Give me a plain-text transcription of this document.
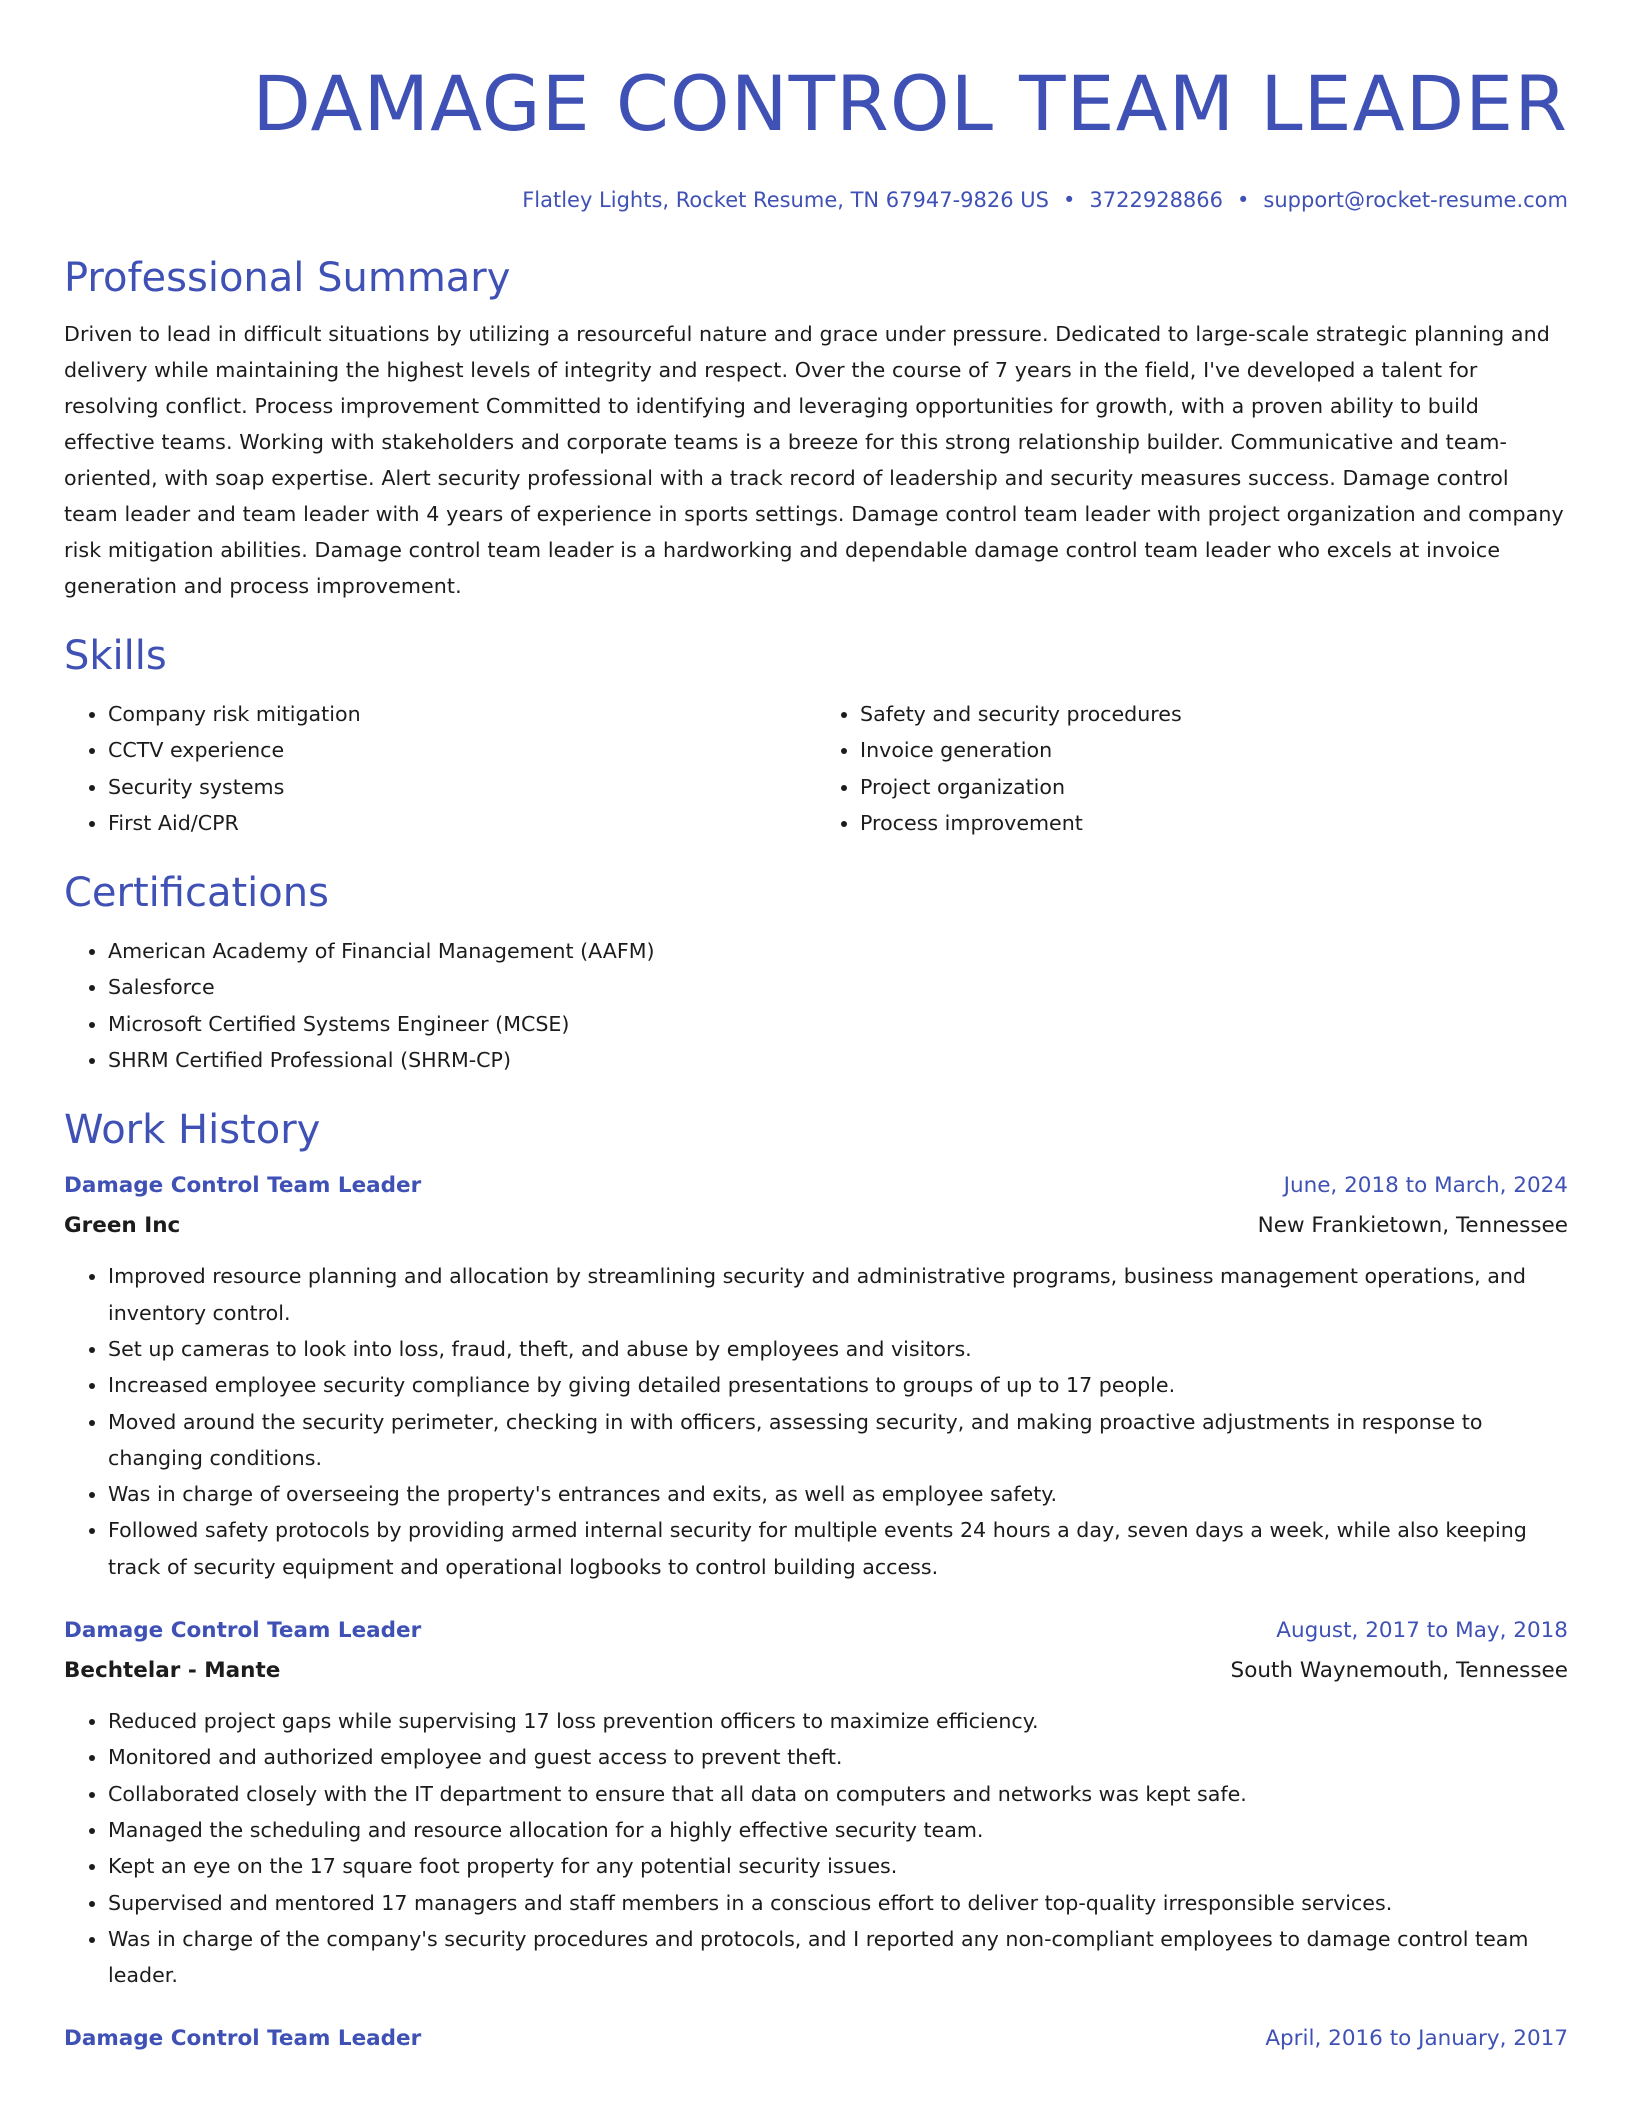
DAMAGE CONTROL TEAM LEADER
Flatley Lights, Rocket Resume, TN 67947-9826 US • 3722928866 • support@rocket-resume.com
Professional Summary
Driven to lead in difficult situations by utilizing a resourceful nature and grace under pressure. Dedicated to large-scale strategic planning and delivery while maintaining the highest levels of integrity and respect. Over the course of 7 years in the field, I've developed a talent for resolving conflict. Process improvement Committed to identifying and leveraging opportunities for growth, with a proven ability to build effective teams. Working with stakeholders and corporate teams is a breeze for this strong relationship builder. Communicative and team-oriented, with soap expertise. Alert security professional with a track record of leadership and security measures success. Damage control team leader and team leader with 4 years of experience in sports settings. Damage control team leader with project organization and company risk mitigation abilities. Damage control team leader is a hardworking and dependable damage control team leader who excels at invoice generation and process improvement.
Skills
• Company risk mitigation
• CCTV experience
• Security systems
• First Aid/CPR
• Safety and security procedures
• Invoice generation
• Project organization
• Process improvement
Certifications
• American Academy of Financial Management (AAFM)
• Salesforce
• Microsoft Certified Systems Engineer (MCSE)
• SHRM Certified Professional (SHRM-CP)
Work History
Damage Control Team Leader	June, 2018 to March, 2024
Green Inc	New Frankietown, Tennessee
• Improved resource planning and allocation by streamlining security and administrative programs, business management operations, and inventory control.
• Set up cameras to look into loss, fraud, theft, and abuse by employees and visitors.
• Increased employee security compliance by giving detailed presentations to groups of up to 17 people.
• Moved around the security perimeter, checking in with officers, assessing security, and making proactive adjustments in response to changing conditions.
• Was in charge of overseeing the property's entrances and exits, as well as employee safety.
• Followed safety protocols by providing armed internal security for multiple events 24 hours a day, seven days a week, while also keeping track of security equipment and operational logbooks to control building access.
Damage Control Team Leader	August, 2017 to May, 2018
Bechtelar - Mante	South Waynemouth, Tennessee
• Reduced project gaps while supervising 17 loss prevention officers to maximize efficiency.
• Monitored and authorized employee and guest access to prevent theft.
• Collaborated closely with the IT department to ensure that all data on computers and networks was kept safe.
• Managed the scheduling and resource allocation for a highly effective security team.
• Kept an eye on the 17 square foot property for any potential security issues.
• Supervised and mentored 17 managers and staff members in a conscious effort to deliver top-quality irresponsible services.
• Was in charge of the company's security procedures and protocols, and I reported any non-compliant employees to damage control team leader.
Damage Control Team Leader	April, 2016 to January, 2017
